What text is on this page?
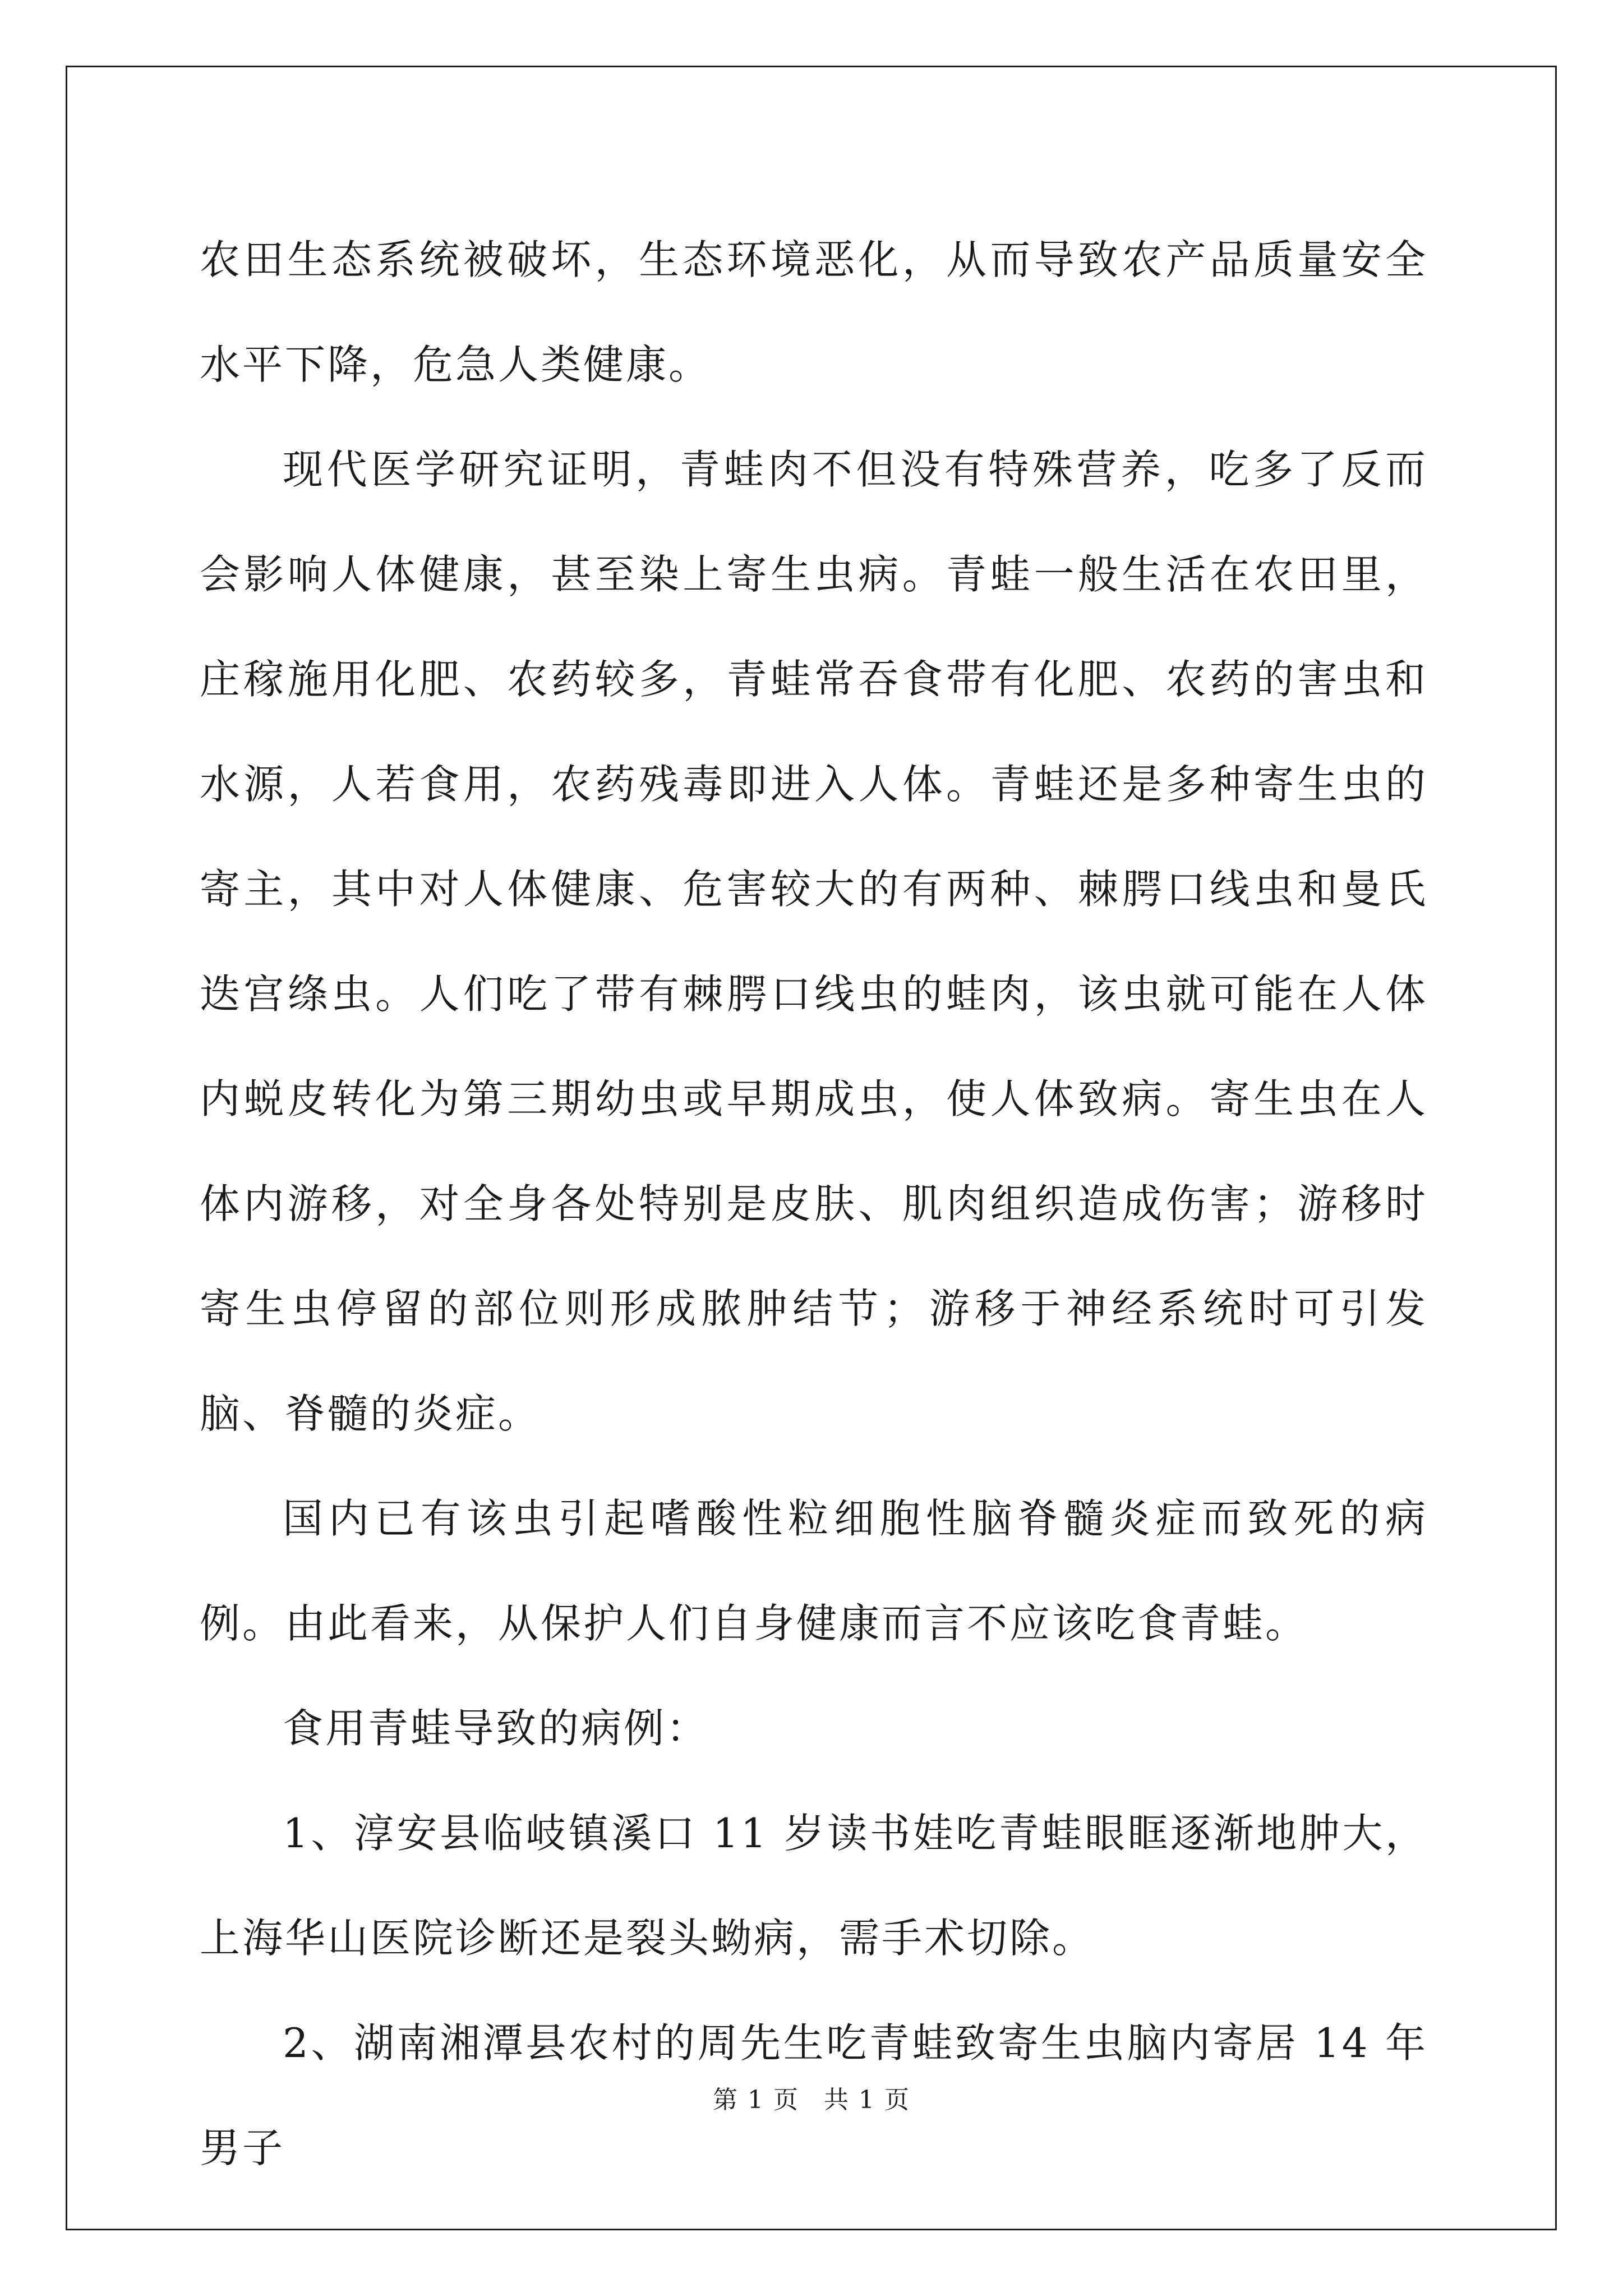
农田生态系统被破坏，生态环境恶化，从而导致农产品质量安全水平下降，危急人类健康。

现代医学研究证明，青蛙肉不但没有特殊营养，吃多了反而会影响人体健康，甚至染上寄生虫病。青蛙一般生活在农田里，庄稼施用化肥、农药较多，青蛙常吞食带有化肥、农药的害虫和水源，人若食用，农药残毒即进入人体。青蛙还是多种寄生虫的寄主，其中对人体健康、危害较大的有两种、棘腭口线虫和曼氏迭宫绦虫。人们吃了带有棘腭口线虫的蛙肉，该虫就可能在人体内蜕皮转化为第三期幼虫或早期成虫，使人体致病。寄生虫在人体内游移，对全身各处特别是皮肤、肌肉组织造成伤害；游移时寄生虫停留的部位则形成脓肿结节；游移于神经系统时可引发脑、脊髓的炎症。

国内已有该虫引起嗜酸性粒细胞性脑脊髓炎症而致死的病例。由此看来，从保护人们自身健康而言不应该吃食青蛙。

食用青蛙导致的病例：

1、淳安县临岐镇溪口 11 岁读书娃吃青蛙眼眶逐渐地肿大，上海华山医院诊断还是裂头蚴病，需手术切除。

2、湖南湘潭县农村的周先生吃青蛙致寄生虫脑内寄居 14 年 男子

第 1 页 共 1 页
